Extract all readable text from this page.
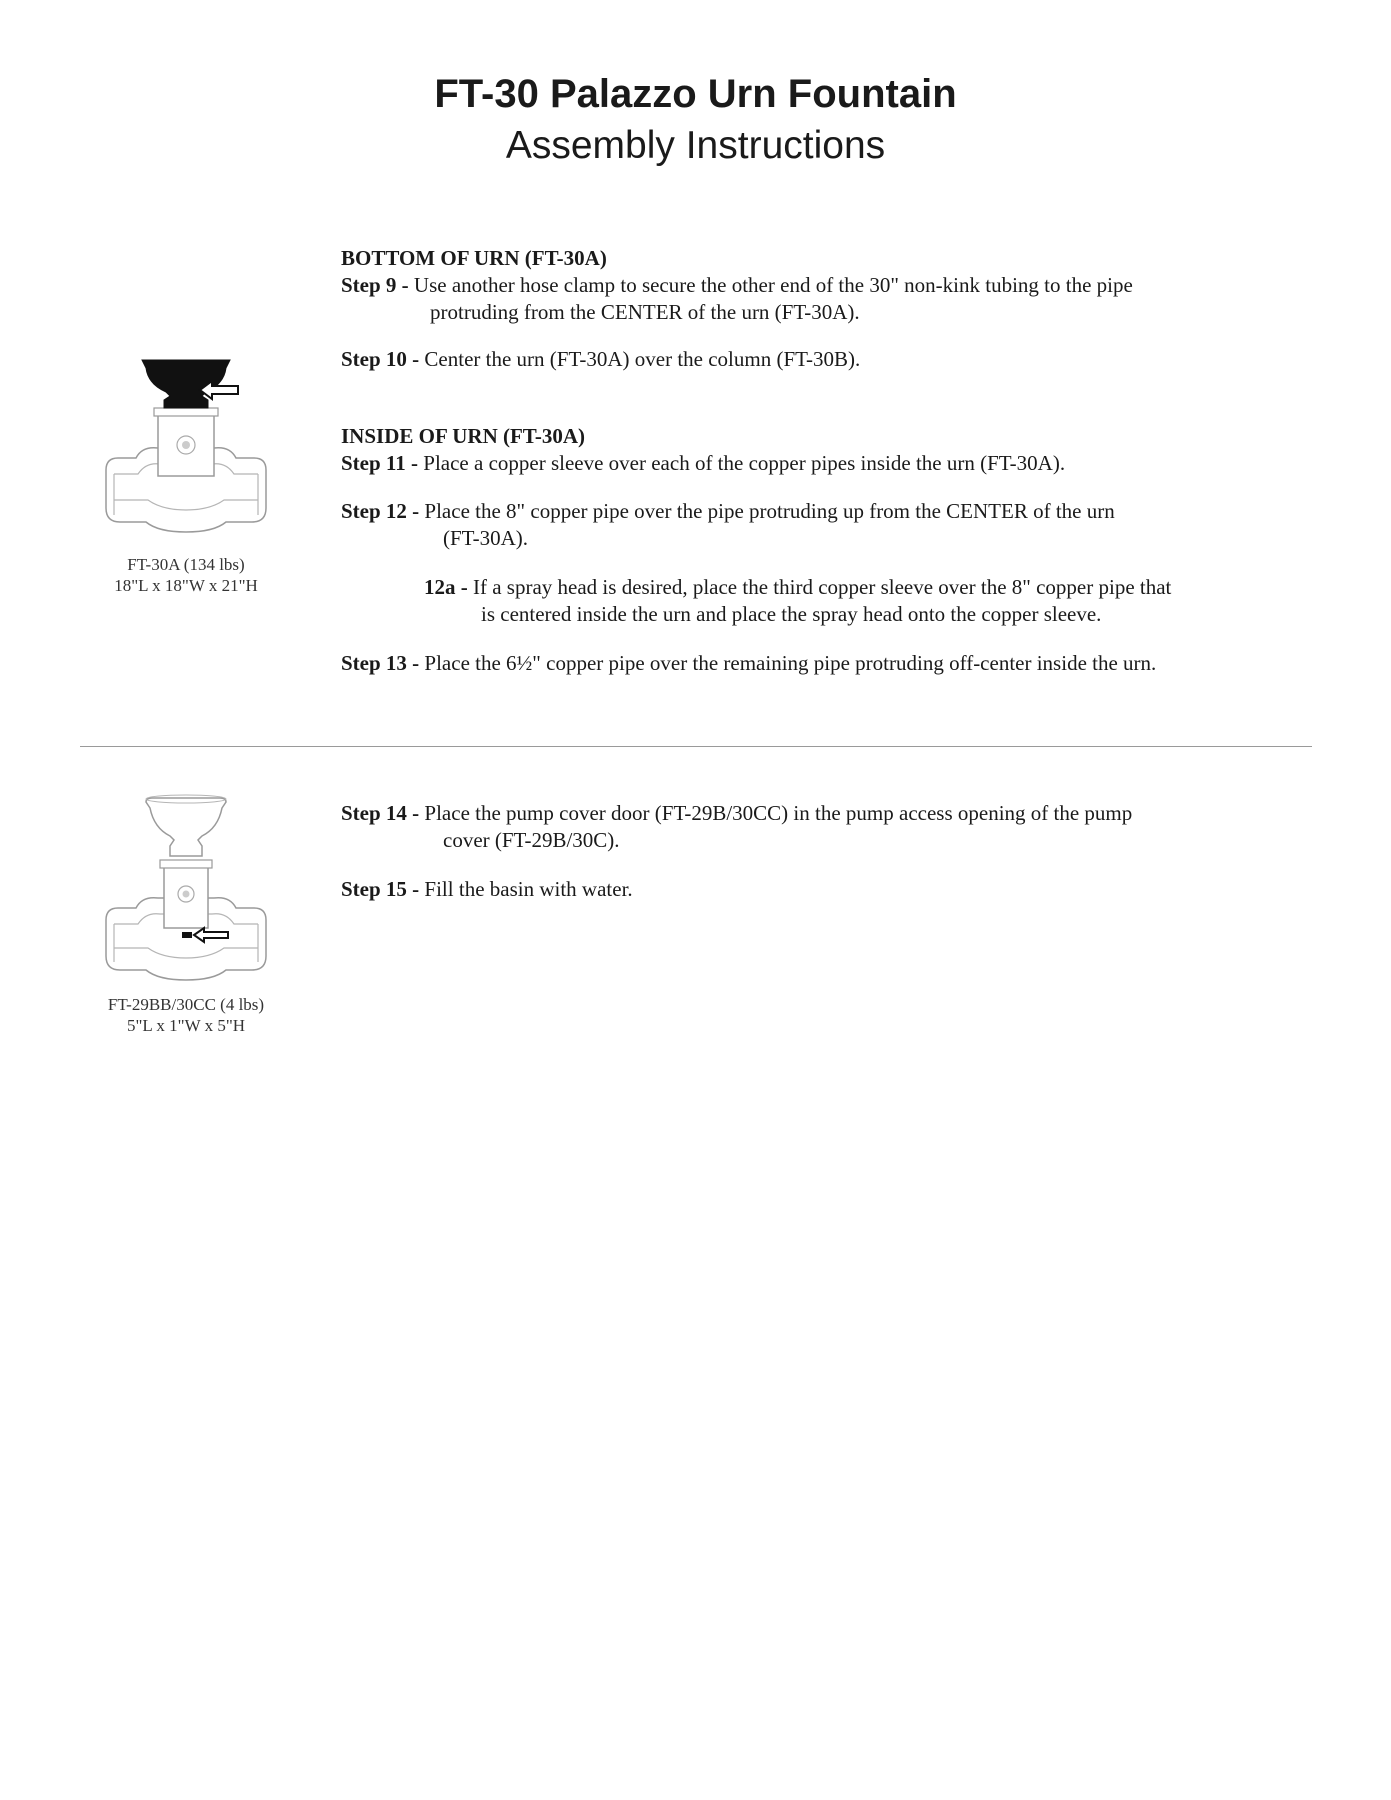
FT-30 Palazzo Urn Fountain
Assembly Instructions
FT-30A (134 lbs)
18"L x 18"W x 21"H
BOTTOM OF URN (FT-30A)
Step 9 - Use another hose clamp to secure the other end of the 30" non-kink tubing to the pipe
protruding from the CENTER of the urn (FT-30A).
Step 10 - Center the urn (FT-30A) over the column (FT-30B).
INSIDE OF URN (FT-30A)
Step 11 - Place a copper sleeve over each of the copper pipes inside the urn (FT-30A).
Step 12 - Place the 8" copper pipe over the pipe protruding up from the CENTER of the urn
(FT-30A).
12a - If a spray head is desired, place the third copper sleeve over the 8" copper pipe that
is centered inside the urn and place the spray head onto the copper sleeve.
Step 13 - Place the 6½" copper pipe over the remaining pipe protruding off-center inside the urn.
FT-29BB/30CC (4 lbs)
5"L x 1"W x 5"H
Step 14 - Place the pump cover door (FT-29B/30CC) in the pump access opening of the pump
cover (FT-29B/30C).
Step 15 - Fill the basin with water.
